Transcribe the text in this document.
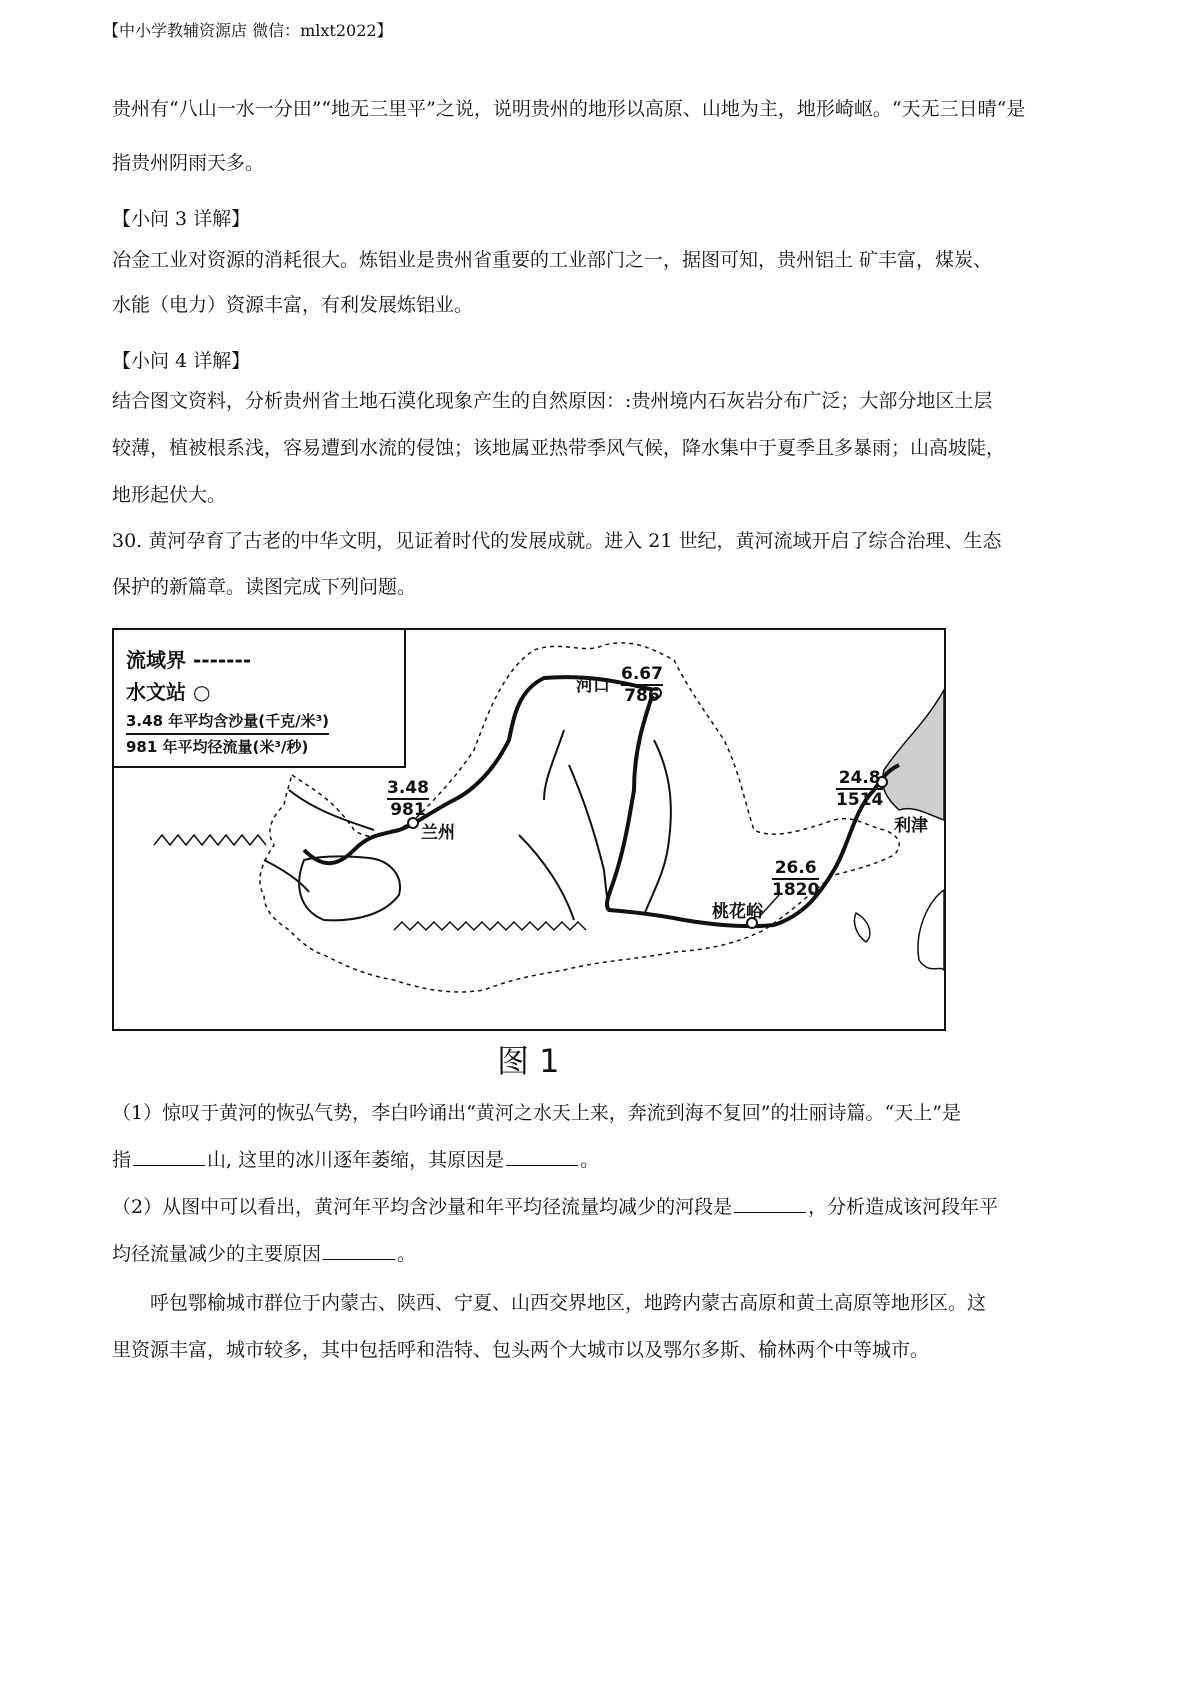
【中小学教辅资源店 微信：mlxt2022】

贵州有“八山一水一分田”“地无三里平”之说，说明贵州的地形以高原、山地为主，地形崎岖。“天无三日晴“是

指贵州阴雨天多。

【小问 3 详解】

冶金工业对资源的消耗很大。炼铝业是贵州省重要的工业部门之一，据图可知，贵州铝土 矿丰富，煤炭、

水能（电力）资源丰富，有利发展炼铝业。

【小问 4 详解】

结合图文资料，分析贵州省土地石漠化现象产生的自然原因：:贵州境内石灰岩分布广泛；大部分地区土层

较薄，植被根系浅，容易遭到水流的侵蚀；该地属亚热带季风气候，降水集中于夏季且多暴雨；山高坡陡，

地形起伏大。

30. 黄河孕育了古老的中华文明，见证着时代的发展成就。进入 21 世纪，黄河流域开启了综合治理、生态

保护的新篇章。读图完成下列问题。

流域界 -------
水文站 ○
3.48 年平均含沙量(千克/米³)
981 年平均径流量(米³/秒)
$\frac{3.48}{981}$
兰州
$\frac{6.67}{786}$
河口
$\frac{26.6}{1820}$
桃花峪
$\frac{24.8}{1514}$
利津
图 1

（1）惊叹于黄河的恢弘气势，李白吟诵出“黄河之水天上来，奔流到海不复回”的壮丽诗篇。“天上”是

指	山, 这里的冰川逐年萎缩，其原因是	。

（2）从图中可以看出，黄河年平均含沙量和年平均径流量均减少的河段是	，分析造成该河段年平

均径流量减少的主要原因	。

呼包鄂榆城市群位于内蒙古、陕西、宁夏、山西交界地区，地跨内蒙古高原和黄土高原等地形区。这

里资源丰富，城市较多，其中包括呼和浩特、包头两个大城市以及鄂尔多斯、榆林两个中等城市。
